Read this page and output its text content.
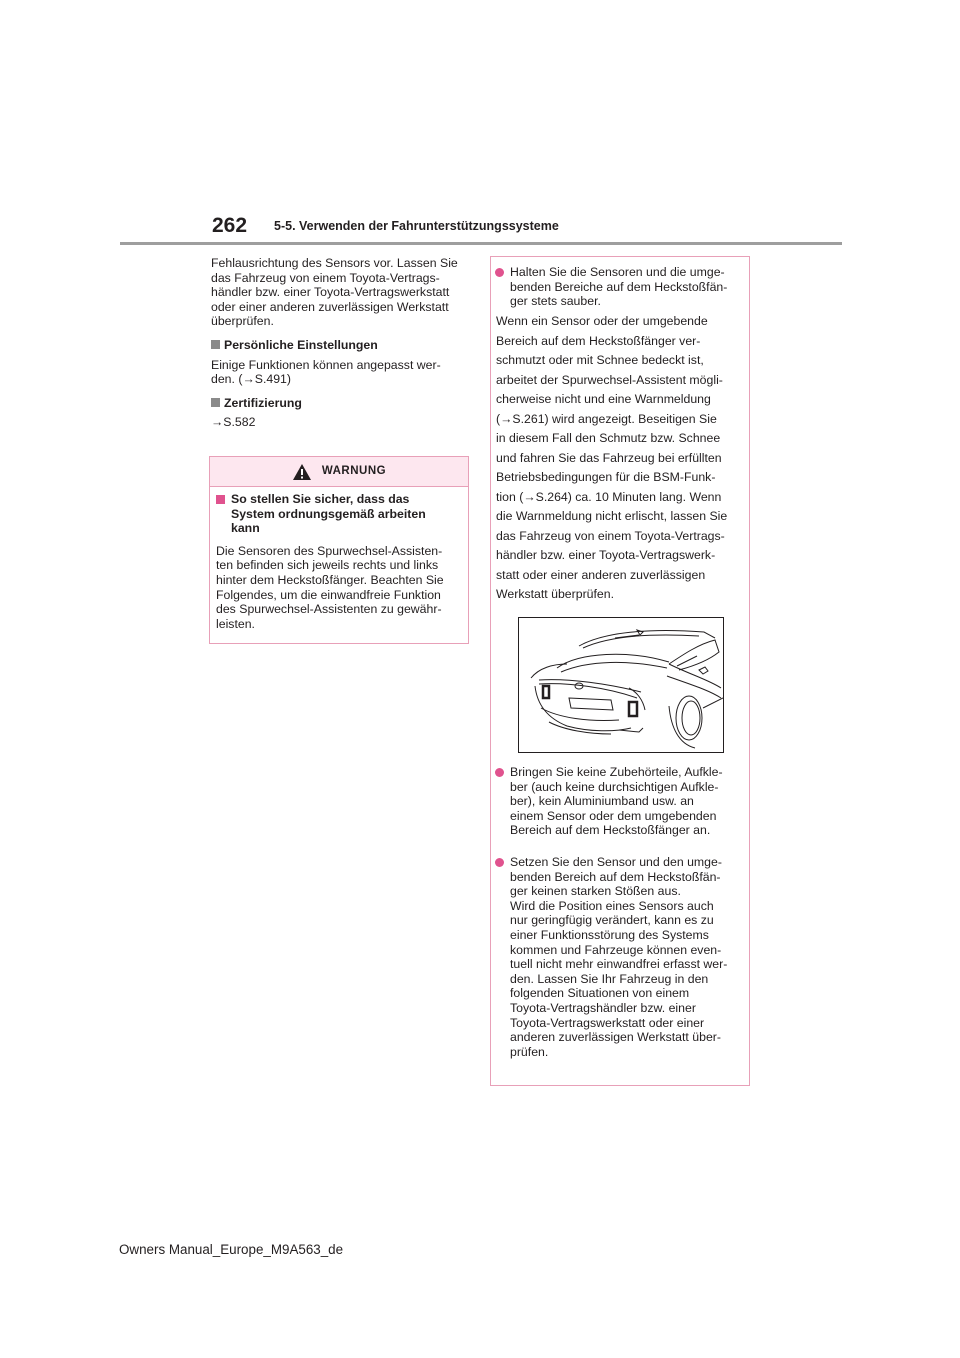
262 5-5. Verwenden der Fahrunterstützungssysteme

Fehlausrichtung des Sensors vor. Lassen Sie
das Fahrzeug von einem Toyota-Vertrags-
händler bzw. einer Toyota-Vertragswerkstatt
oder einer anderen zuverlässigen Werkstatt
überprüfen.

Persönliche Einstellungen

Einige Funktionen können angepasst wer-
den. (→S.491)

Zertifizierung

→S.582

WARNUNG
So stellen Sie sicher, dass das
System ordnungsgemäß arbeiten
kann
Die Sensoren des Spurwechsel-Assisten-
ten befinden sich jeweils rechts und links
hinter dem Heckstoßfänger. Beachten Sie
Folgendes, um die einwandfreie Funktion
des Spurwechsel-Assistenten zu gewähr-
leisten.
Halten Sie die Sensoren und die umge-
benden Bereiche auf dem Heckstoßfän-
ger stets sauber.
Wenn ein Sensor oder der umgebende
Bereich auf dem Heckstoßfänger ver-
schmutzt oder mit Schnee bedeckt ist,
arbeitet der Spurwechsel-Assistent mögli-
cherweise nicht und eine Warnmeldung
(→S.261) wird angezeigt. Beseitigen Sie
in diesem Fall den Schmutz bzw. Schnee
und fahren Sie das Fahrzeug bei erfüllten
Betriebsbedingungen für die BSM-Funk-
tion (→S.264) ca. 10 Minuten lang. Wenn
die Warnmeldung nicht erlischt, lassen Sie
das Fahrzeug von einem Toyota-Vertrags-
händler bzw. einer Toyota-Vertragswerk-
statt oder einer anderen zuverlässigen
Werkstatt überprüfen.
Bringen Sie keine Zubehörteile, Aufkle-
ber (auch keine durchsichtigen Aufkle-
ber), kein Aluminiumband usw. an
einem Sensor oder dem umgebenden
Bereich auf dem Heckstoßfänger an.
Setzen Sie den Sensor und den umge-
benden Bereich auf dem Heckstoßfän-
ger keinen starken Stößen aus.
Wird die Position eines Sensors auch
nur geringfügig verändert, kann es zu
einer Funktionsstörung des Systems
kommen und Fahrzeuge können even-
tuell nicht mehr einwandfrei erfasst wer-
den. Lassen Sie Ihr Fahrzeug in den
folgenden Situationen von einem
Toyota-Vertragshändler bzw. einer
Toyota-Vertragswerkstatt oder einer
anderen zuverlässigen Werkstatt über-
prüfen.
Owners Manual_Europe_M9A563_de
